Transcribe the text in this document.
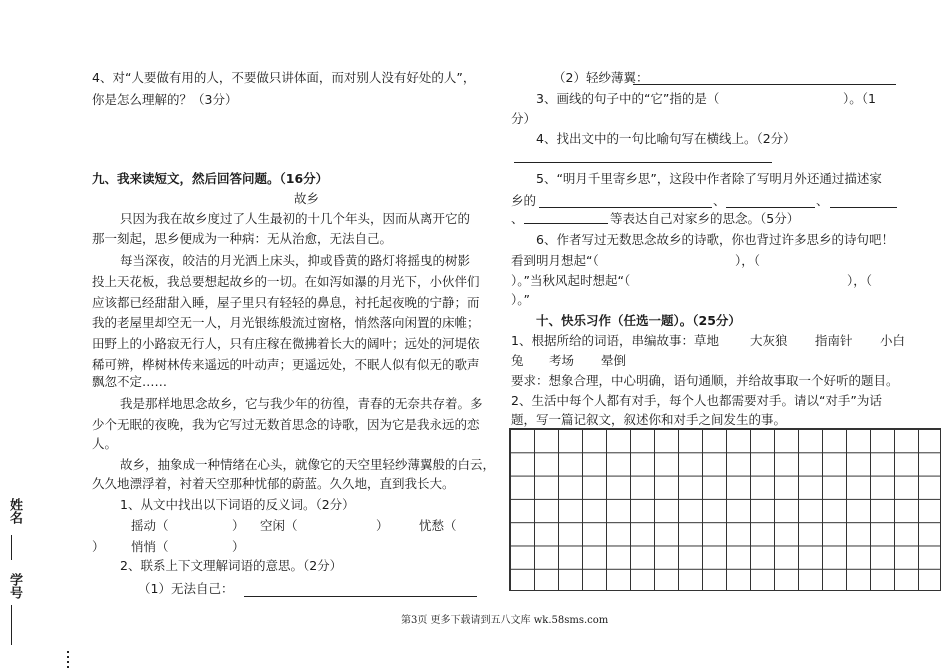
4、对“人要做有用的人，不要做只讲体面，而对别人没有好处的人”，
你是怎么理解的？（3分）
九、我来读短文，然后回答问题。（16分）
故乡
只因为我在故乡度过了人生最初的十几个年头，因而从离开它的
那一刻起，思乡便成为一种病：无从治愈，无法自己。
每当深夜，皎洁的月光洒上床头，抑或昏黄的路灯将摇曳的树影
投上天花板，我总要想起故乡的一切。在如泻如瀑的月光下，小伙伴们
应该都已经甜甜入睡，屋子里只有轻轻的鼻息，衬托起夜晚的宁静；而
我的老屋里却空无一人，月光银练般流过窗格，悄然落向闲置的床帷；
田野上的小路寂无行人，只有庄稼在微拂着长大的阔叶；远处的河堤依
稀可辨，桦树林传来遥远的叶动声；更遥远处，不眠人似有似无的歌声
飘忽不定……
我是那样地思念故乡，它与我少年的彷徨，青春的无奈共存着。多
少个无眠的夜晚，我为它写过无数首思念的诗歌，因为它是我永远的恋
人。
故乡，抽象成一种情绪在心头，就像它的天空里轻纱薄翼般的白云，
久久地漂浮着，衬着天空那种忧郁的蔚蓝。久久地，直到我长大。
1、从文中找出以下词语的反义词。（2分）
摇动（	） 空闲（	） 忧愁（
） 悄悄（	）
2、联系上下文理解词语的意思。（2分）
（1）无法自己：
（2）轻纱薄翼：
3、画线的句子中的“它”指的是（	）。（1
分）
4、找出文中的一句比喻句写在横线上。（2分）
5、“明月千里寄乡思”，这段中作者除了写明月外还通过描述家
乡的	、	、
、	等表达自己对家乡的思念。（5分）
6、作者写过无数思念故乡的诗歌，你也背过许多思乡的诗句吧！
看到明月想起“（	），（
）。”当秋风起时想起“（	），（
）。”
十、快乐习作（任选一题）。（25分）
1、根据所给的词语，串编故事：草地 大灰狼 指南针 小白
兔 考场 晕倒
要求：想象合理，中心明确，语句通顺，并给故事取一个好听的题目。
2、生活中每个人都有对手，每个人也都需要对手。请以“对手”为话
题，写一篇记叙文，叙述你和对手之间发生的事。
姓名
学号
第3页 更多下载请到五八文库 wk.58sms.com
